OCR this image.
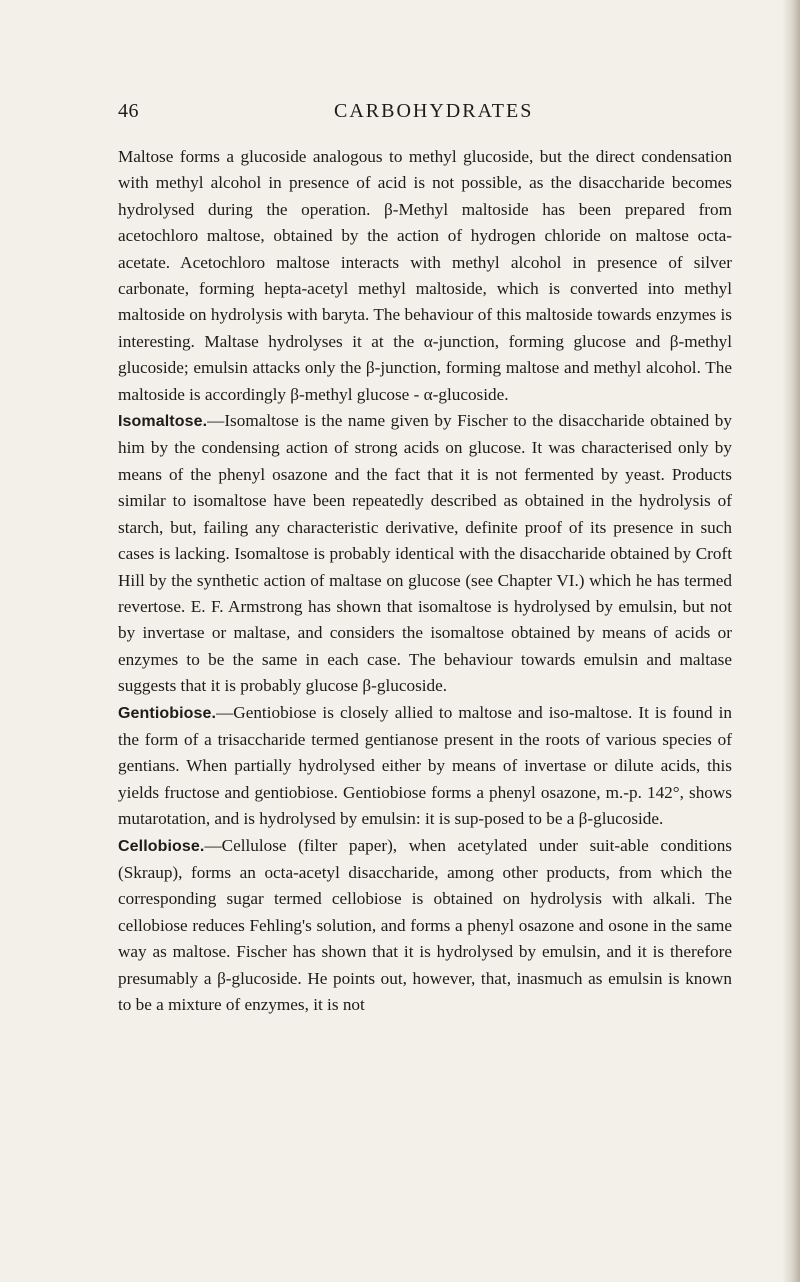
46	CARBOHYDRATES

Maltose forms a glucoside analogous to methyl glucoside, but the direct condensation with methyl alcohol in presence of acid is not possible, as the disaccharide becomes hydrolysed during the operation. β-Methyl maltoside has been prepared from acetochloro maltose, obtained by the action of hydrogen chloride on maltose octa-acetate. Acetochloro maltose interacts with methyl alcohol in presence of silver carbonate, forming hepta-acetyl methyl maltoside, which is converted into methyl maltoside on hydrolysis with baryta. The behaviour of this maltoside towards enzymes is interesting. Maltase hydrolyses it at the α-junction, forming glucose and β-methyl glucoside; emulsin attacks only the β-junction, forming maltose and methyl alcohol. The maltoside is accordingly β-methyl glucose - α-glucoside.

Isomaltose.—Isomaltose is the name given by Fischer to the disaccharide obtained by him by the condensing action of strong acids on glucose. It was characterised only by means of the phenyl osazone and the fact that it is not fermented by yeast. Products similar to isomaltose have been repeatedly described as obtained in the hydrolysis of starch, but, failing any characteristic derivative, definite proof of its presence in such cases is lacking. Isomaltose is probably identical with the disaccharide obtained by Croft Hill by the synthetic action of maltase on glucose (see Chapter VI.) which he has termed revertose. E. F. Armstrong has shown that isomaltose is hydrolysed by emulsin, but not by invertase or maltase, and considers the isomaltose obtained by means of acids or enzymes to be the same in each case. The behaviour towards emulsin and maltase suggests that it is probably glucose β-glucoside.

Gentiobiose.—Gentiobiose is closely allied to maltose and iso-maltose. It is found in the form of a trisaccharide termed gentianose present in the roots of various species of gentians. When partially hydrolysed either by means of invertase or dilute acids, this yields fructose and gentiobiose. Gentiobiose forms a phenyl osazone, m.-p. 142°, shows mutarotation, and is hydrolysed by emulsin: it is sup-posed to be a β-glucoside.

Cellobiose.—Cellulose (filter paper), when acetylated under suit-able conditions (Skraup), forms an octa-acetyl disaccharide, among other products, from which the corresponding sugar termed cellobiose is obtained on hydrolysis with alkali. The cellobiose reduces Fehling's solution, and forms a phenyl osazone and osone in the same way as maltose. Fischer has shown that it is hydrolysed by emulsin, and it is therefore presumably a β-glucoside. He points out, however, that, inasmuch as emulsin is known to be a mixture of enzymes, it is not
